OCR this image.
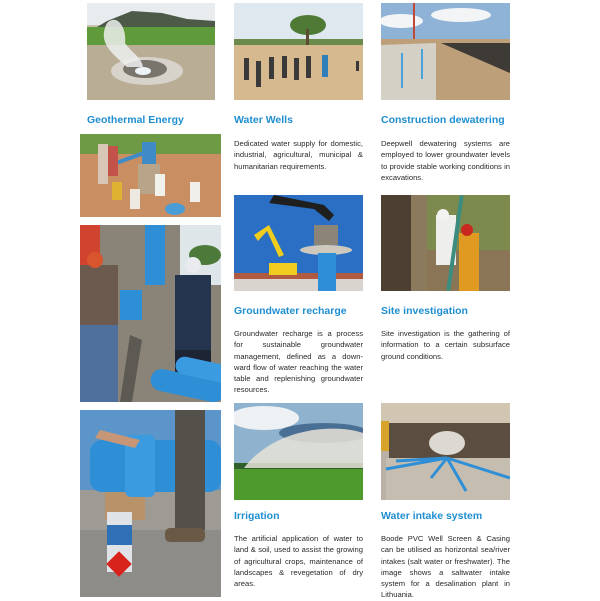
Geothermal Energy	Water Wells	Construction dewatering
Dedicated water supply for domestic, industrial, agricultural, municipal & humanitarian requirements.
Deepwell dewatering systems are employed to lower groundwater levels to provide stable working conditions in excavations.
Groundwater recharge	Site investigation
Groundwater recharge is a process for sustainable groundwater management, defined as a down-ward flow of water reaching the water table and replenishing groundwater resources.
Site investigation is the gathering of information to a certain subsurface ground conditions.
Irrigation	Water intake system
The artificial application of water to land & soil, used to assist the growing of agricultural crops, maintenance of landscapes & revegetation of dry areas.
Boode PVC Well Screen & Casing can be utilised as horizontal sea/river intakes (salt water or freshwater). The image shows a saltwater intake system for a desalination plant in Lithuania.
